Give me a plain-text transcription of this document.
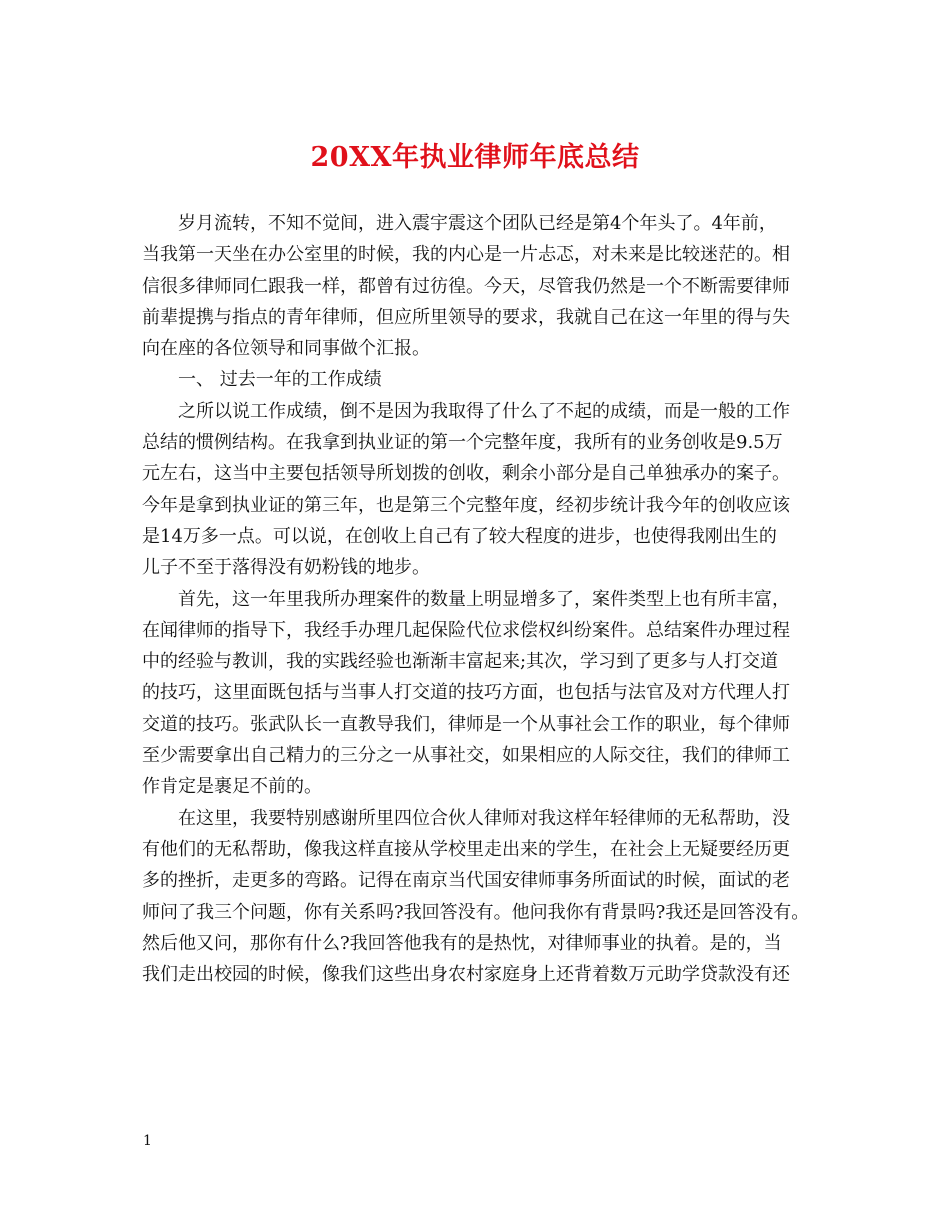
20XX年执业律师年底总结
岁月流转，不知不觉间，进入震宇震这个团队已经是第4个年头了。4年前，
当我第一天坐在办公室里的时候，我的内心是一片忐忑，对未来是比较迷茫的。相
信很多律师同仁跟我一样，都曾有过彷徨。今天，尽管我仍然是一个不断需要律师
前辈提携与指点的青年律师，但应所里领导的要求，我就自己在这一年里的得与失
向在座的各位领导和同事做个汇报。
一、 过去一年的工作成绩
之所以说工作成绩，倒不是因为我取得了什么了不起的成绩，而是一般的工作
总结的惯例结构。在我拿到执业证的第一个完整年度，我所有的业务创收是9.5万
元左右，这当中主要包括领导所划拨的创收，剩余小部分是自己单独承办的案子。
今年是拿到执业证的第三年，也是第三个完整年度，经初步统计我今年的创收应该
是14万多一点。可以说，在创收上自己有了较大程度的进步，也使得我刚出生的
儿子不至于落得没有奶粉钱的地步。
首先，这一年里我所办理案件的数量上明显增多了，案件类型上也有所丰富，
在闻律师的指导下，我经手办理几起保险代位求偿权纠纷案件。总结案件办理过程
中的经验与教训，我的实践经验也渐渐丰富起来;其次，学习到了更多与人打交道
的技巧，这里面既包括与当事人打交道的技巧方面，也包括与法官及对方代理人打
交道的技巧。张武队长一直教导我们，律师是一个从事社会工作的职业，每个律师
至少需要拿出自己精力的三分之一从事社交，如果相应的人际交往，我们的律师工
作肯定是裹足不前的。
在这里，我要特别感谢所里四位合伙人律师对我这样年轻律师的无私帮助，没
有他们的无私帮助，像我这样直接从学校里走出来的学生，在社会上无疑要经历更
多的挫折，走更多的弯路。记得在南京当代国安律师事务所面试的时候，面试的老
师问了我三个问题，你有关系吗?我回答没有。他问我你有背景吗?我还是回答没有。
然后他又问，那你有什么?我回答他我有的是热忱，对律师事业的执着。是的，当
我们走出校园的时候，像我们这些出身农村家庭身上还背着数万元助学贷款没有还
1
